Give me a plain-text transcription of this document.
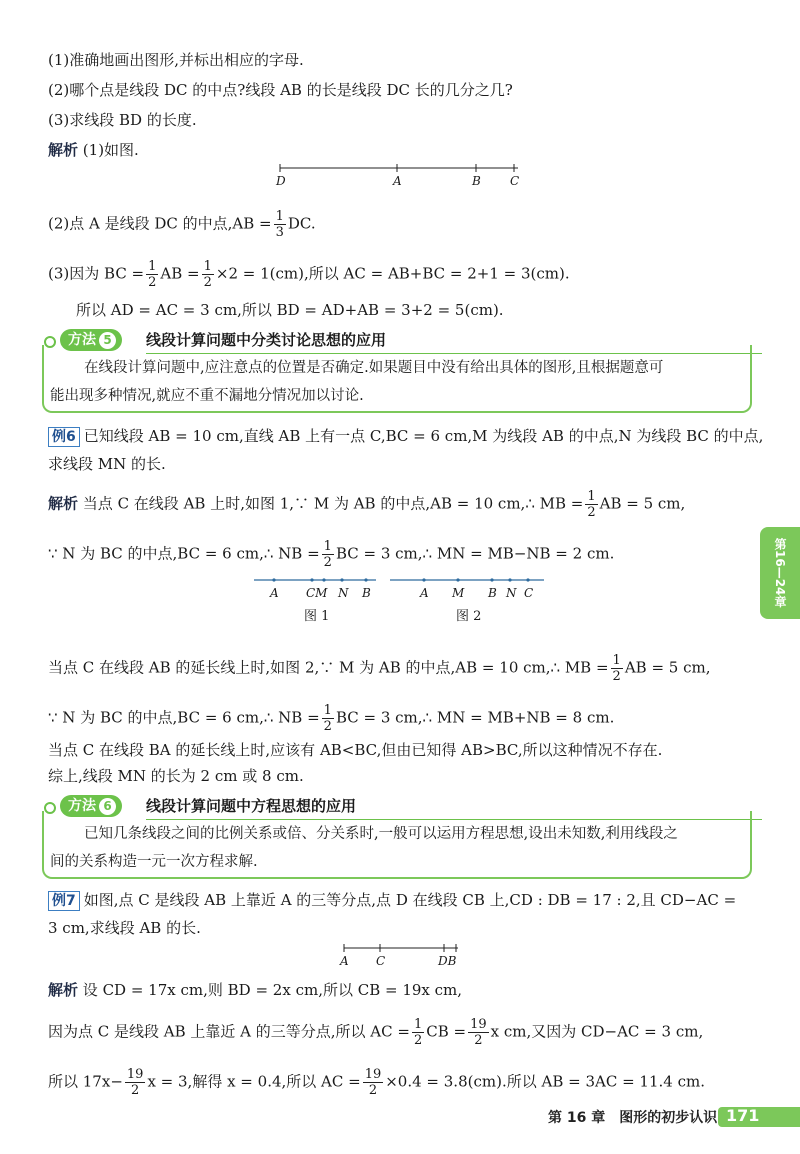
(1)准确地画出图形,并标出相应的字母.
(2)哪个点是线段 DC 的中点?线段 AB 的长是线段 DC 长的几分之几?
(3)求线段 BD 的长度.
解析 (1)如图.
D	A	B C
(2)点 A 是线段 DC 的中点$,AB = \frac{1}{3}$ DC.
(3)因为 BC = $\frac{1}{2}$ AB = $\frac{1}{2} \times 2 = 1(cm)$,所以 AC = AB+BC = 2+1 = 3(cm).
所以 AD = AC = 3 cm,所以 BD = AD+AB = 3+2 = 5(cm).
方法 5	线段计算问题中分类讨论思想的应用
在线段计算问题中,应注意点的位置是否确定.如果题目中没有给出具体的图形,且根据题意可
能出现多种情况,就应不重不漏地分情况加以讨论.
例6 已知线段 AB = 10 cm,直线 AB 上有一点 C,BC = 6 cm,M 为线段 AB 的中点,N 为线段 BC 的中点,
求线段 MN 的长.
解析 当点 C 在线段 AB 上时,如图 1,∵ M 为 AB 的中点,AB = 10 cm,∴ MB = $\frac{1}{2}$ AB = 5 cm,
∵ N 为 BC 的中点,BC = 6 cm,∴ NB = $\frac{1}{2}$ BC = 3 cm,∴ MN = MB−NB = 2 cm.
A CM N B
图 1
A M B N C
图 2
当点 C 在线段 AB 的延长线上时,如图 2,∵ M 为 AB 的中点,AB = 10 cm,∴ MB = $\frac{1}{2}$ AB = 5 cm,
∵ N 为 BC 的中点,BC = 6 cm,∴ NB = $\frac{1}{2}$ BC = 3 cm,∴ MN = MB+NB = 8 cm.
当点 C 在线段 BA 的延长线上时,应该有 AB<BC,但由已知得 AB>BC,所以这种情况不存在.
综上,线段 MN 的长为 2 cm 或 8 cm.
方法 6	线段计算问题中方程思想的应用
已知几条线段之间的比例关系或倍、分关系时,一般可以运用方程思想,设出未知数,利用线段之
间的关系构造一元一次方程求解.
例7 如图,点 C 是线段 AB 上靠近 A 的三等分点,点 D 在线段 CB 上,CD : DB = 17 : 2,且 CD−AC =
3 cm,求线段 AB 的长.
A C	DB
解析 设 CD = 17x cm,则 BD = 2x cm,所以 CB = 19x cm,
因为点 C 是线段 AB 上靠近 A 的三等分点,所以 AC = $\frac{1}{2}$ CB = $\frac{19}{2}$ x cm,又因为 CD−AC = 3 cm,
所以 $17x- \frac{19}{2}$ x = 3,解得 x = 0.4,所以 AC = $\frac{19}{2} \times 0.4 = 3.8(cm)$.所以 AB = 3AC = 11.4 cm.
第16—24章
第 16 章　图形的初步认识 171
